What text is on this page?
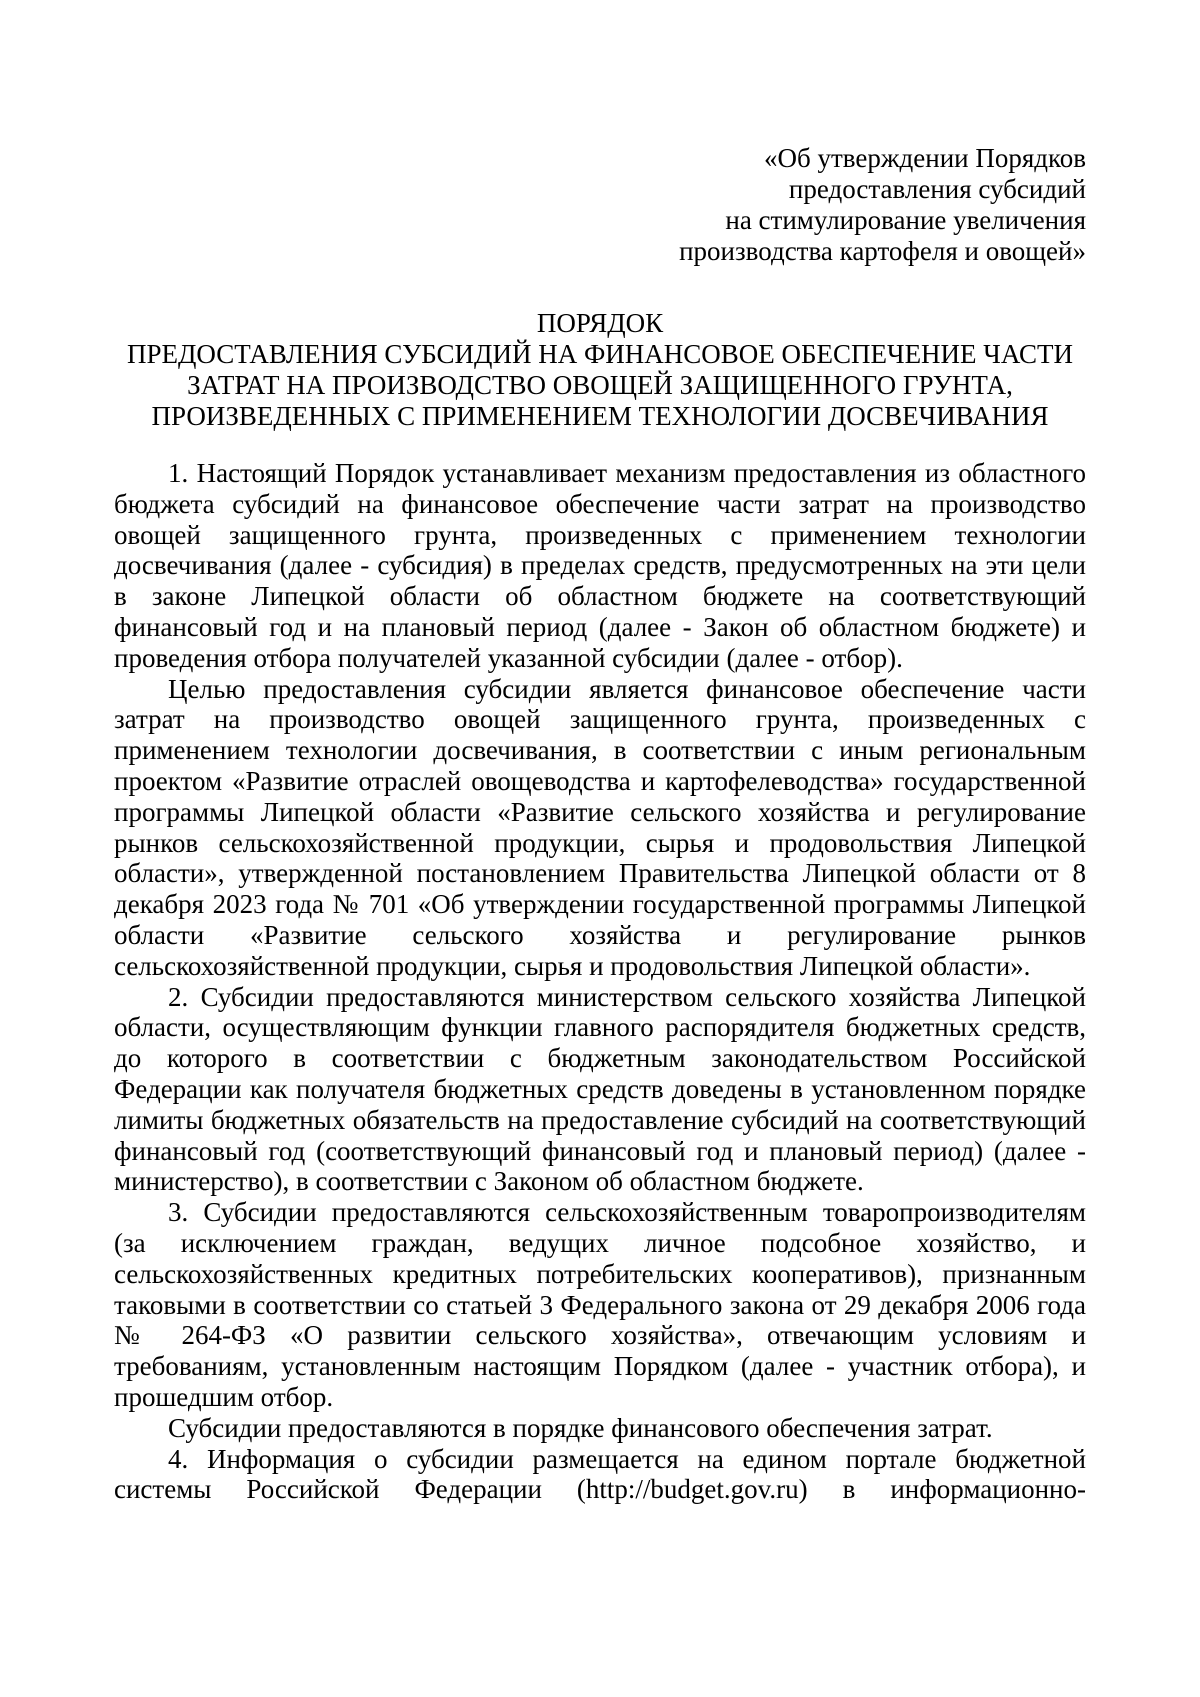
«Об утверждении Порядков
предоставления субсидий
на стимулирование увеличения
производства картофеля и овощей»
ПОРЯДОК
ПРЕДОСТАВЛЕНИЯ СУБСИДИЙ НА ФИНАНСОВОЕ ОБЕСПЕЧЕНИЕ ЧАСТИ
ЗАТРАТ НА ПРОИЗВОДСТВО ОВОЩЕЙ ЗАЩИЩЕННОГО ГРУНТА,
ПРОИЗВЕДЕННЫХ С ПРИМЕНЕНИЕМ ТЕХНОЛОГИИ ДОСВЕЧИВАНИЯ

1. Настоящий Порядок устанавливает механизм предоставления из областного бюджета субсидий на финансовое обеспечение части затрат на производство овощей защищенного грунта, произведенных с применением технологии досвечивания (далее - субсидия) в пределах средств, предусмотренных на эти цели в законе Липецкой области об областном бюджете на соответствующий финансовый год и на плановый период (далее - Закон об областном бюджете) и проведения отбора получателей указанной субсидии (далее - отбор).

Целью предоставления субсидии является финансовое обеспечение части затрат на производство овощей защищенного грунта, произведенных с применением технологии досвечивания, в соответствии с иным региональным проектом «Развитие отраслей овощеводства и картофелеводства» государственной программы Липецкой области «Развитие сельского хозяйства и регулирование рынков сельскохозяйственной продукции, сырья и продовольствия Липецкой области», утвержденной постановлением Правительства Липецкой области от 8 декабря 2023 года № 701 «Об утверждении государственной программы Липецкой области «Развитие сельского хозяйства и регулирование рынков сельскохозяйственной продукции, сырья и продовольствия Липецкой области».

2. Субсидии предоставляются министерством сельского хозяйства Липецкой области, осуществляющим функции главного распорядителя бюджетных средств, до которого в соответствии с бюджетным законодательством Российской Федерации как получателя бюджетных средств доведены в установленном порядке лимиты бюджетных обязательств на предоставление субсидий на соответствующий финансовый год (соответствующий финансовый год и плановый период) (далее - министерство), в соответствии с Законом об областном бюджете.

3. Субсидии предоставляются сельскохозяйственным товаропроизводителям (за исключением граждан, ведущих личное подсобное хозяйство, и сельскохозяйственных кредитных потребительских кооперативов), признанным таковыми в соответствии со статьей 3 Федерального закона от 29 декабря 2006 года № 264-ФЗ «О развитии сельского хозяйства», отвечающим условиям и требованиям, установленным настоящим Порядком (далее - участник отбора), и прошедшим отбор.

Субсидии предоставляются в порядке финансового обеспечения затрат.

4. Информация о субсидии размещается на едином портале бюджетной системы Российской Федерации (http://budget.gov.ru) в информационно-
